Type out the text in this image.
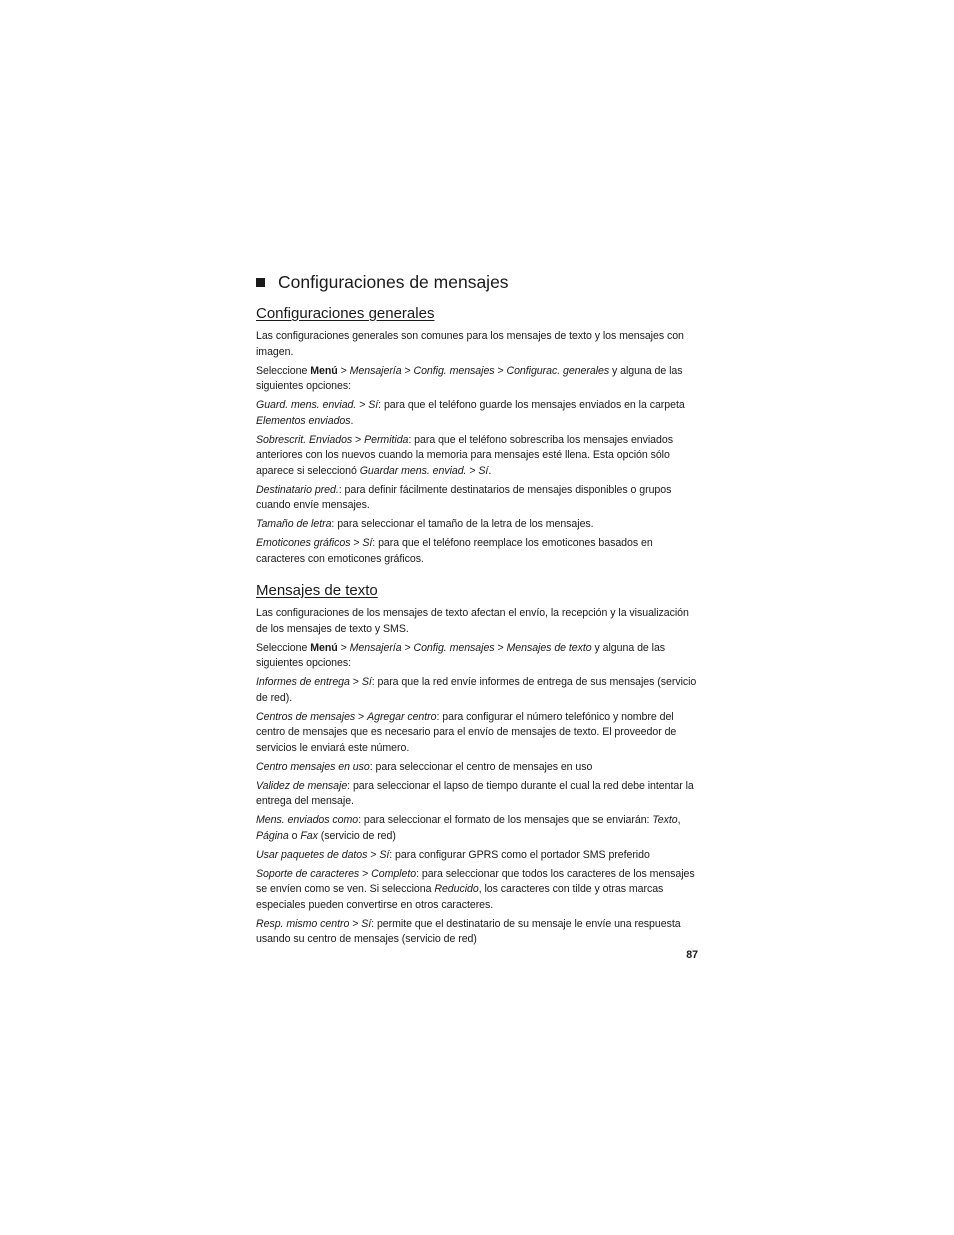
Configuraciones de mensajes
Configuraciones generales

Las configuraciones generales son comunes para los mensajes de texto y los mensajes con imagen.

Seleccione Menú > Mensajería > Config. mensajes > Configurac. generales y alguna de las siguientes opciones:

Guard. mens. enviad. > Sí: para que el teléfono guarde los mensajes enviados en la carpeta Elementos enviados.

Sobrescrit. Enviados > Permitida: para que el teléfono sobrescriba los mensajes enviados anteriores con los nuevos cuando la memoria para mensajes esté llena. Esta opción sólo aparece si seleccionó Guardar mens. enviad. > Sí.

Destinatario pred.: para definir fácilmente destinatarios de mensajes disponibles o grupos cuando envíe mensajes.

Tamaño de letra: para seleccionar el tamaño de la letra de los mensajes.

Emoticones gráficos > Sí: para que el teléfono reemplace los emoticones basados en caracteres con emoticones gráficos.

Mensajes de texto

Las configuraciones de los mensajes de texto afectan el envío, la recepción y la visualización de los mensajes de texto y SMS.

Seleccione Menú > Mensajería > Config. mensajes > Mensajes de texto y alguna de las siguientes opciones:

Informes de entrega > Sí: para que la red envíe informes de entrega de sus mensajes (servicio de red).

Centros de mensajes > Agregar centro: para configurar el número telefónico y nombre del centro de mensajes que es necesario para el envío de mensajes de texto. El proveedor de servicios le enviará este número.

Centro mensajes en uso: para seleccionar el centro de mensajes en uso

Validez de mensaje: para seleccionar el lapso de tiempo durante el cual la red debe intentar la entrega del mensaje.

Mens. enviados como: para seleccionar el formato de los mensajes que se enviarán: Texto, Página o Fax (servicio de red)

Usar paquetes de datos > Sí: para configurar GPRS como el portador SMS preferido

Soporte de caracteres > Completo: para seleccionar que todos los caracteres de los mensajes se envíen como se ven. Si selecciona Reducido, los caracteres con tilde y otras marcas especiales pueden convertirse en otros caracteres.

Resp. mismo centro > Sí: permite que el destinatario de su mensaje le envíe una respuesta usando su centro de mensajes (servicio de red)

87
